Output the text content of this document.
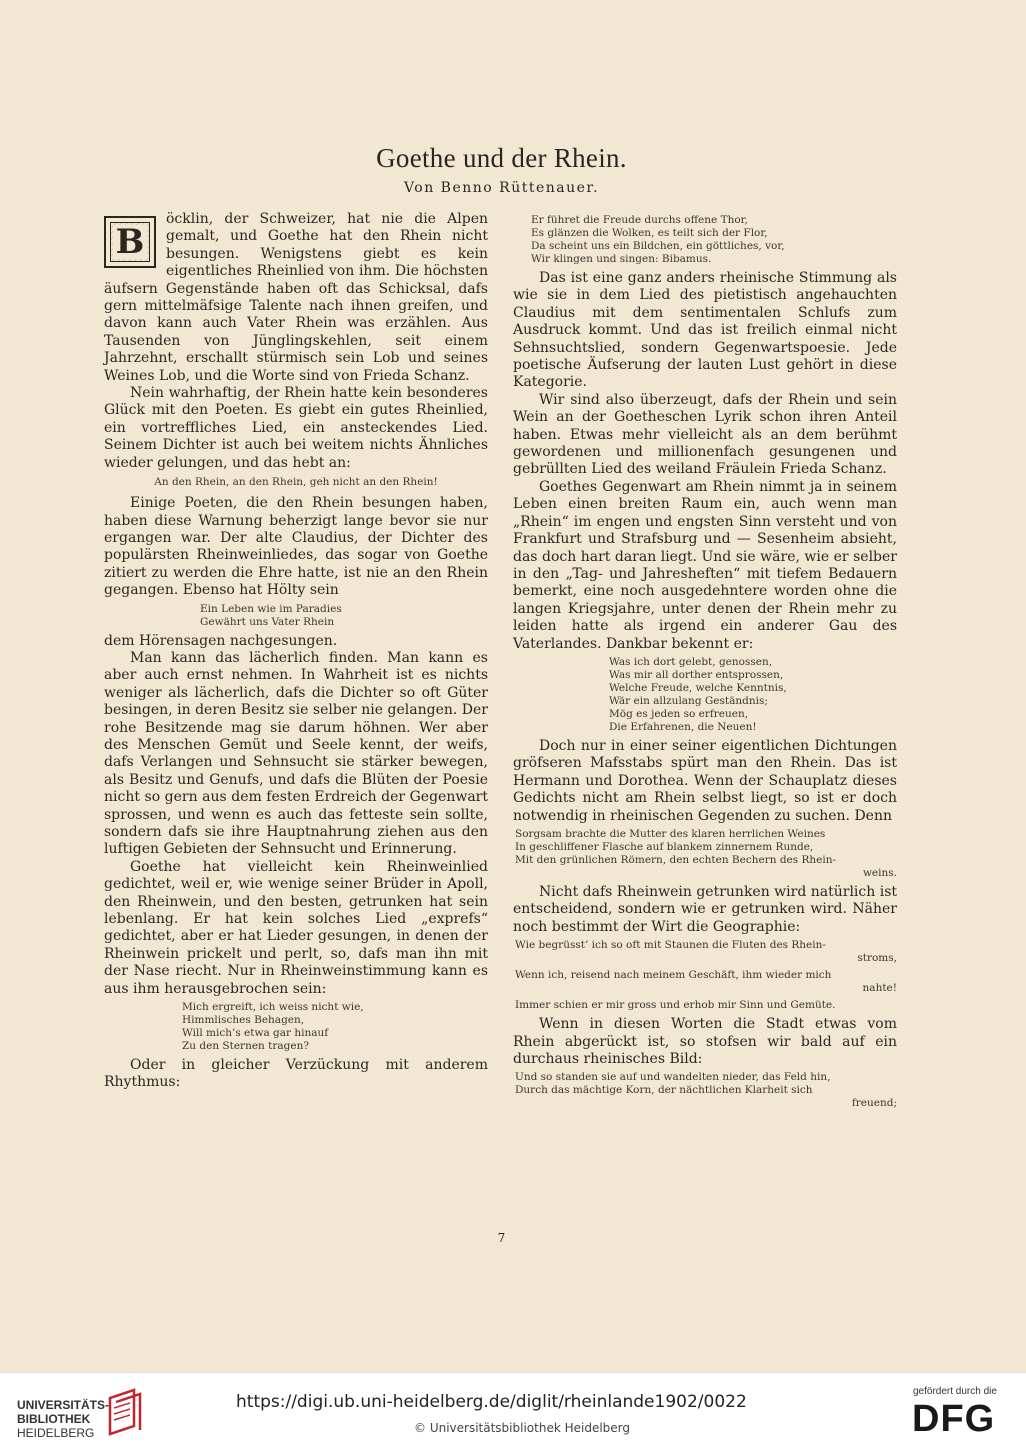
Goethe und der Rhein.
Von Benno Rüttenauer.

B
öcklin, der Schweizer, hat nie die Alpen gemalt, und Goethe hat den Rhein nicht besungen. Wenigstens giebt es kein eigentliches Rheinlied von ihm. Die höchsten äufsern Gegenstände haben oft das Schicksal, dafs gern mittelmäfsige Talente nach ihnen greifen, und davon kann auch Vater Rhein was erzählen. Aus Tausenden von Jünglingskehlen, seit einem Jahrzehnt, erschallt stürmisch sein Lob und seines Weines Lob, und die Worte sind von Frieda Schanz.

Nein wahrhaftig, der Rhein hatte kein besonderes Glück mit den Poeten. Es giebt ein gutes Rheinlied, ein vortreffliches Lied, ein ansteckendes Lied. Seinem Dichter ist auch bei weitem nichts Ähnliches wieder gelungen, und das hebt an:

An den Rhein, an den Rhein, geh nicht an den Rhein!

Einige Poeten, die den Rhein besungen haben, haben diese Warnung beherzigt lange bevor sie nur ergangen war. Der alte Claudius, der Dichter des populärsten Rheinweinliedes, das sogar von Goethe zitiert zu werden die Ehre hatte, ist nie an den Rhein gegangen. Ebenso hat Hölty sein

Ein Leben wie im Paradies
Gewährt uns Vater Rhein

dem Hörensagen nachgesungen.

Man kann das lächerlich finden. Man kann es aber auch ernst nehmen. In Wahrheit ist es nichts weniger als lächerlich, dafs die Dichter so oft Güter besingen, in deren Besitz sie selber nie gelangen. Der rohe Besitzende mag sie darum höhnen. Wer aber des Menschen Gemüt und Seele kennt, der weifs, dafs Verlangen und Sehnsucht sie stärker bewegen, als Besitz und Genufs, und dafs die Blüten der Poesie nicht so gern aus dem festen Erdreich der Gegenwart sprossen, und wenn es auch das fetteste sein sollte, sondern dafs sie ihre Hauptnahrung ziehen aus den luftigen Gebieten der Sehnsucht und Erinnerung.

Goethe hat vielleicht kein Rheinweinlied gedichtet, weil er, wie wenige seiner Brüder in Apoll, den Rheinwein, und den besten, getrunken hat sein lebenlang. Er hat kein solches Lied „exprefs“ gedichtet, aber er hat Lieder gesungen, in denen der Rheinwein prickelt und perlt, so, dafs man ihn mit der Nase riecht. Nur in Rheinweinstimmung kann es aus ihm herausgebrochen sein:

Mich ergreift, ich weiss nicht wie,
Himmlisches Behagen,
Will mich’s etwa gar hinauf
Zu den Sternen tragen?

Oder in gleicher Verzückung mit anderem Rhythmus:

Er führet die Freude durchs offene Thor,
Es glänzen die Wolken, es teilt sich der Flor,
Da scheint uns ein Bildchen, ein göttliches, vor,
Wir klingen und singen: Bibamus.

Das ist eine ganz anders rheinische Stimmung als wie sie in dem Lied des pietistisch angehauchten Claudius mit dem sentimentalen Schlufs zum Ausdruck kommt. Und das ist freilich einmal nicht Sehnsuchtslied, sondern Gegenwartspoesie. Jede poetische Äufserung der lauten Lust gehört in diese Kategorie.

Wir sind also überzeugt, dafs der Rhein und sein Wein an der Goetheschen Lyrik schon ihren Anteil haben. Etwas mehr vielleicht als an dem berühmt gewordenen und millionenfach gesungenen und gebrüllten Lied des weiland Fräulein Frieda Schanz.

Goethes Gegenwart am Rhein nimmt ja in seinem Leben einen breiten Raum ein, auch wenn man „Rhein“ im engen und engsten Sinn versteht und von Frankfurt und Strafsburg und — Sesenheim absieht, das doch hart daran liegt. Und sie wäre, wie er selber in den „Tag- und Jahresheften“ mit tiefem Bedauern bemerkt, eine noch ausgedehntere worden ohne die langen Kriegsjahre, unter denen der Rhein mehr zu leiden hatte als irgend ein anderer Gau des Vaterlandes. Dankbar bekennt er:

Was ich dort gelebt, genossen,
Was mir all dorther entsprossen,
Welche Freude, welche Kenntnis,
Wär ein allzulang Geständnis;
Mög es jeden so erfreuen,
Die Erfahrenen, die Neuen!

Doch nur in einer seiner eigentlichen Dichtungen gröfseren Mafsstabs spürt man den Rhein. Das ist Hermann und Dorothea. Wenn der Schauplatz dieses Gedichts nicht am Rhein selbst liegt, so ist er doch notwendig in rheinischen Gegenden zu suchen. Denn

Sorgsam brachte die Mutter des klaren herrlichen Weines
In geschliffener Flasche auf blankem zinnernem Runde,
Mit den grünlichen Römern, den echten Bechern des Rhein-
weins.

Nicht dafs Rheinwein getrunken wird natürlich ist entscheidend, sondern wie er getrunken wird. Näher noch bestimmt der Wirt die Geographie:

Wie begrüsst’ ich so oft mit Staunen die Fluten des Rhein-
stroms,
Wenn ich, reisend nach meinem Geschäft, ihm wieder mich
nahte!
Immer schien er mir gross und erhob mir Sinn und Gemüte.

Wenn in diesen Worten die Stadt etwas vom Rhein abgerückt ist, so stofsen wir bald auf ein durchaus rheinisches Bild:

Und so standen sie auf und wandelten nieder, das Feld hin,
Durch das mächtige Korn, der nächtlichen Klarheit sich
freuend;
7
UNIVERSITÄTS-
BIBLIOTHEK
HEIDELBERG
https://digi.ub.uni-heidelberg.de/diglit/rheinlande1902/0022
© Universitätsbibliothek Heidelberg
gefördert durch die
DFG
